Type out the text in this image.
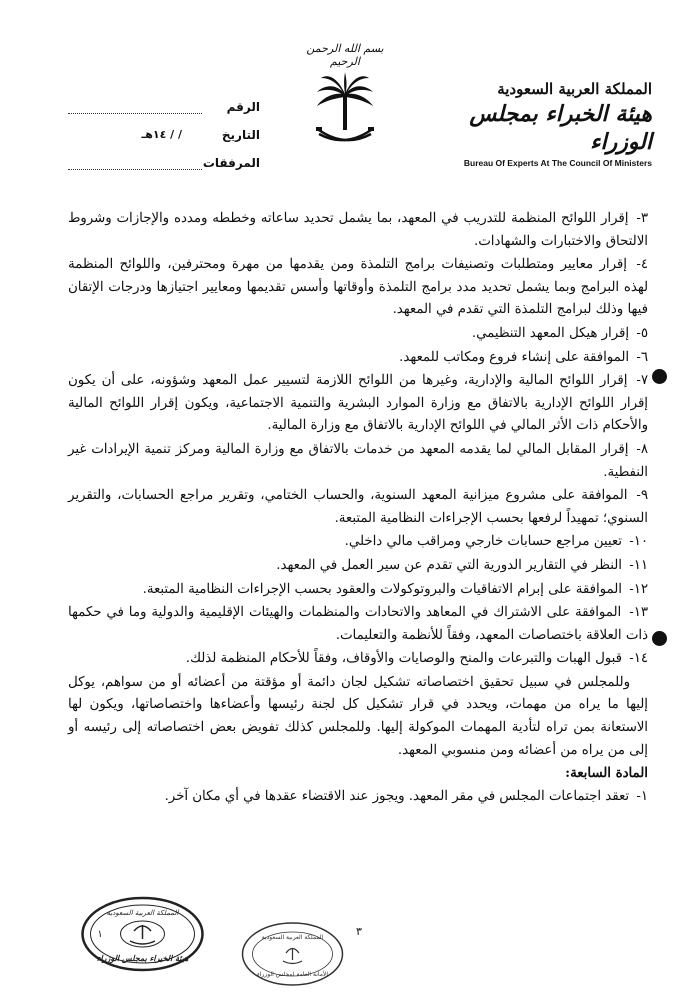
بسم الله الرحمن الرحيم
المملكة العربية السعودية
هيئة الخبراء بمجلس الوزراء
Bureau Of Experts At The Council Of Ministers
الرقم
التاريخ
/ / ١٤هـ
المرفقات
٣- إقرار اللوائح المنظمة للتدريب في المعهد، بما يشمل تحديد ساعاته وخططه ومدده والإجازات وشروط الالتحاق والاختبارات والشهادات.
٤- إقرار معايير ومتطلبات وتصنيفات برامج التلمذة ومن يقدمها من مهرة ومحترفين، واللوائح المنظمة لهذه البرامج وبما يشمل تحديد مدد برامج التلمذة وأوقاتها وأسس تقديمها ومعايير اجتيازها ودرجات الإتقان فيها وذلك لبرامج التلمذة التي تقدم في المعهد.
٥- إقرار هيكل المعهد التنظيمي.
٦- الموافقة على إنشاء فروع ومكاتب للمعهد.
٧- إقرار اللوائح المالية والإدارية، وغيرها من اللوائح اللازمة لتسيير عمل المعهد وشؤونه، على أن يكون إقرار اللوائح الإدارية بالاتفاق مع وزارة الموارد البشرية والتنمية الاجتماعية، ويكون إقرار اللوائح المالية والأحكام ذات الأثر المالي في اللوائح الإدارية بالاتفاق مع وزارة المالية.
٨- إقرار المقابل المالي لما يقدمه المعهد من خدمات بالاتفاق مع وزارة المالية ومركز تنمية الإيرادات غير النفطية.
٩- الموافقة على مشروع ميزانية المعهد السنوية، والحساب الختامي، وتقرير مراجع الحسابات، والتقرير السنوي؛ تمهيداً لرفعها بحسب الإجراءات النظامية المتبعة.
١٠- تعيين مراجع حسابات خارجي ومراقب مالي داخلي.
١١- النظر في التقارير الدورية التي تقدم عن سير العمل في المعهد.
١٢- الموافقة على إبرام الاتفاقيات والبروتوكولات والعقود بحسب الإجراءات النظامية المتبعة.
١٣- الموافقة على الاشتراك في المعاهد والاتحادات والمنظمات والهيئات الإقليمية والدولية وما في حكمها ذات العلاقة باختصاصات المعهد، وفقاً للأنظمة والتعليمات.
١٤- قبول الهبات والتبرعات والمنح والوصايات والأوقاف، وفقاً للأحكام المنظمة لذلك.
وللمجلس في سبيل تحقيق اختصاصاته تشكيل لجان دائمة أو مؤقتة من أعضائه أو من سواهم، يوكل إليها ما يراه من مهمات، ويحدد في قرار تشكيل كل لجنة رئيسها وأعضاءها واختصاصاتها، ويكون لها الاستعانة بمن تراه لتأدية المهمات الموكولة إليها. وللمجلس كذلك تفويض بعض اختصاصاته إلى رئيسه أو إلى من يراه من أعضائه ومن منسوبي المعهد.
المادة السابعة:
١- تعقد اجتماعات المجلس في مقر المعهد. ويجوز عند الاقتضاء عقدها في أي مكان آخر.
٣
المملكة العربية السعودية
هيئة الخبراء بمجلس الوزراء
١	المملكة العربية السعودية
الأمانة العامة لمجلس الوزراء
